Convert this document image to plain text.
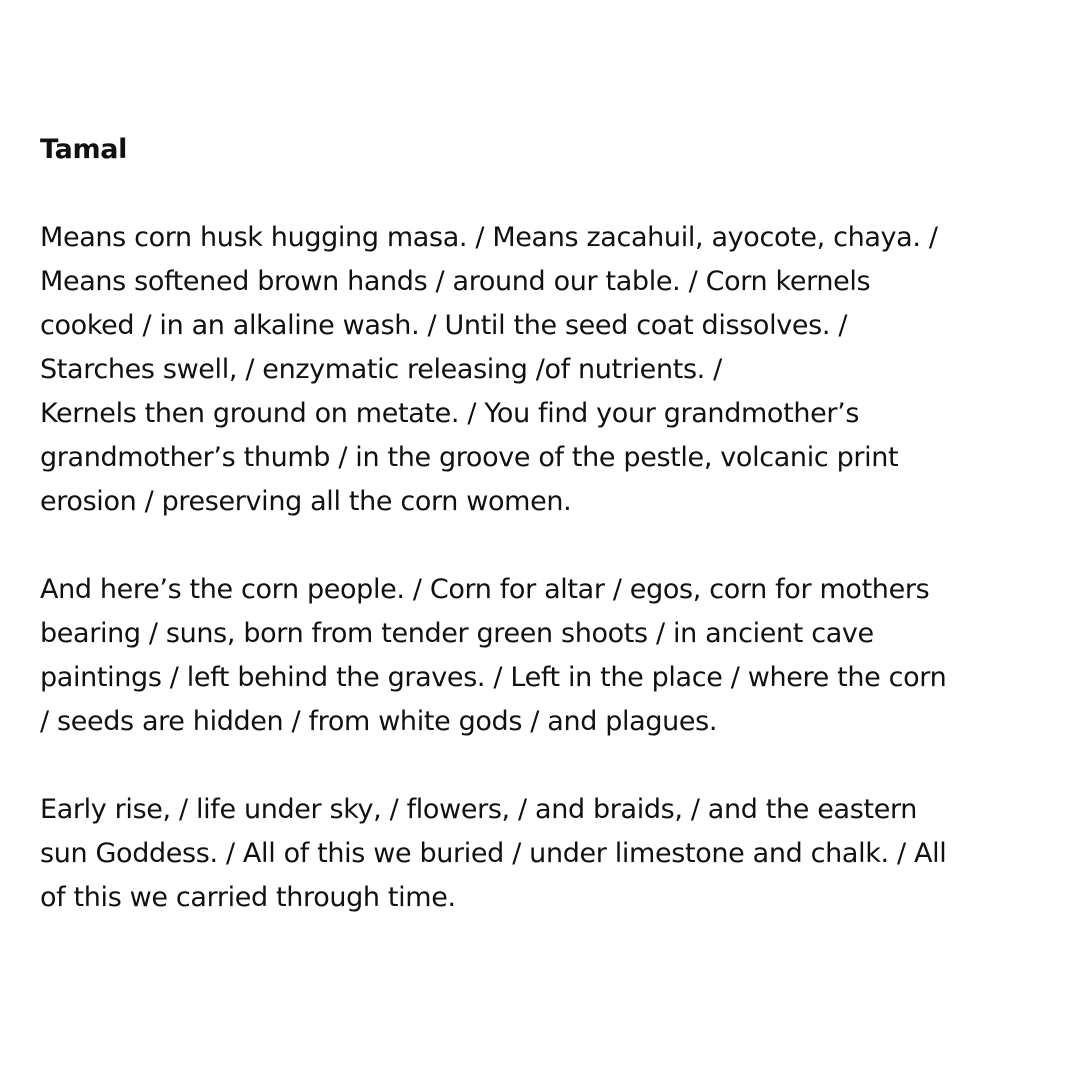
Tamal
Means corn husk hugging masa. / Means zacahuil, ayocote, chaya. /
Means softened brown hands / around our table. / Corn kernels
cooked / in an alkaline wash. / Until the seed coat dissolves. /
Starches swell, / enzymatic releasing /of nutrients. /
Kernels then ground on metate. / You find your grandmother’s
grandmother’s thumb / in the groove of the pestle, volcanic print
erosion / preserving all the corn women.
And here’s the corn people. / Corn for altar / egos, corn for mothers
bearing / suns, born from tender green shoots / in ancient cave
paintings / left behind the graves. / Left in the place / where the corn
/ seeds are hidden / from white gods / and plagues.
Early rise, / life under sky, / flowers, / and braids, / and the eastern
sun Goddess. / All of this we buried / under limestone and chalk. / All
of this we carried through time.
